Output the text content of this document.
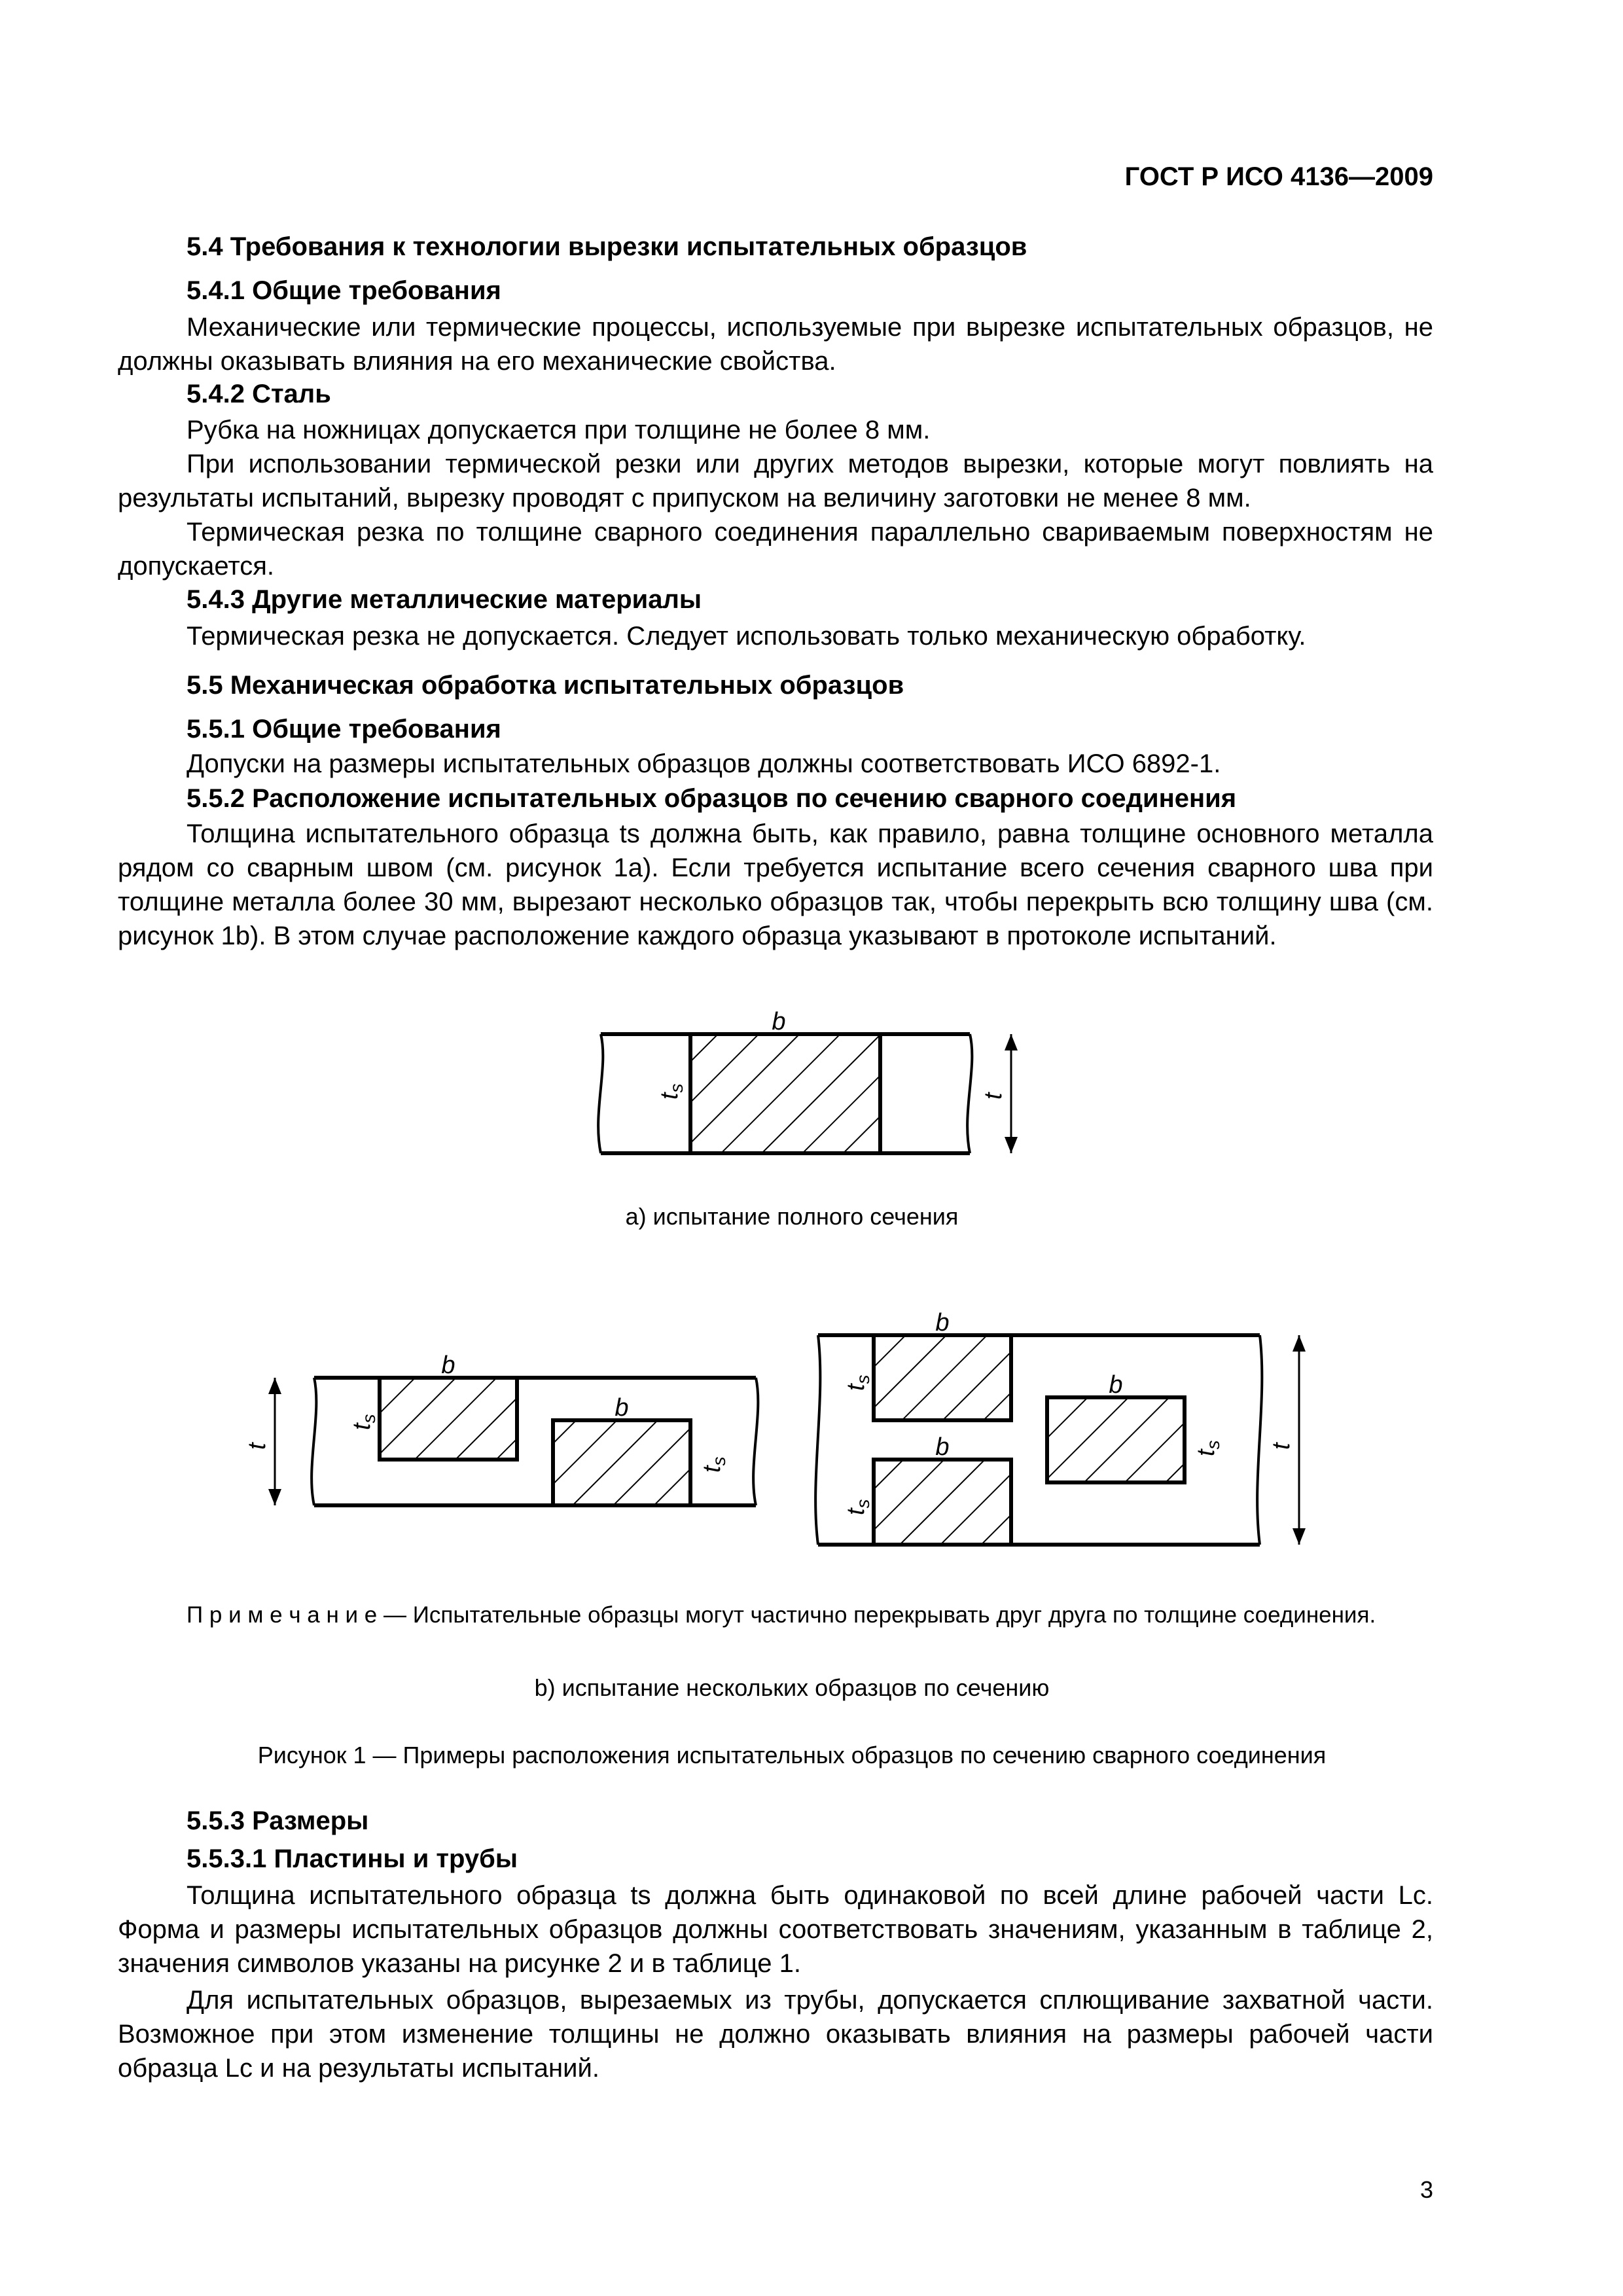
ГОСТ Р ИСО 4136—2009
5.4 Требования к технологии вырезки испытательных образцов
5.4.1 Общие требования
Механические или термические процессы, используемые при вырезке испытательных образцов, не должны оказывать влияния на его механические свойства.
5.4.2 Сталь
Рубка на ножницах допускается при толщине не более 8 мм.
При использовании термической резки или других методов вырезки, которые могут повлиять на результаты испытаний, вырезку проводят с припуском на величину заготовки не менее 8 мм.
Термическая резка по толщине сварного соединения параллельно свариваемым поверхностям не допускается.
5.4.3 Другие металлические материалы
Термическая резка не допускается. Следует использовать только механическую обработку.
5.5 Механическая обработка испытательных образцов
5.5.1 Общие требования
Допуски на размеры испытательных образцов должны соответствовать ИСО 6892-1.
5.5.2 Расположение испытательных образцов по сечению сварного соединения
Толщина испытательного образца ts должна быть, как правило, равна толщине основного металла рядом со сварным швом (см. рисунок 1a). Если требуется испытание всего сечения сварного шва при толщине металла более 30 мм, вырезают несколько образцов так, чтобы перекрыть всю толщину шва (см. рисунок 1b). В этом случае расположение каждого образца указывают в протоколе испытаний.
b
$t_s$
t
a) испытание полного сечения
b
b
t
$t_s$
$t_s$
b
b
b
$t_s$
$t_s$
$t_s$ t
П р и м е ч а н и е — Испытательные образцы могут частично перекрывать друг друга по толщине соединения.
b) испытание нескольких образцов по сечению
Рисунок 1 — Примеры расположения испытательных образцов по сечению сварного соединения
5.5.3 Размеры
5.5.3.1 Пластины и трубы
Толщина испытательного образца ts должна быть одинаковой по всей длине рабочей части Lc. Форма и размеры испытательных образцов должны соответствовать значениям, указанным в таблице 2, значения символов указаны на рисунке 2 и в таблице 1.
Для испытательных образцов, вырезаемых из трубы, допускается сплющивание захватной части. Возможное при этом изменение толщины не должно оказывать влияния на размеры рабочей части образца Lc и на результаты испытаний.
3
